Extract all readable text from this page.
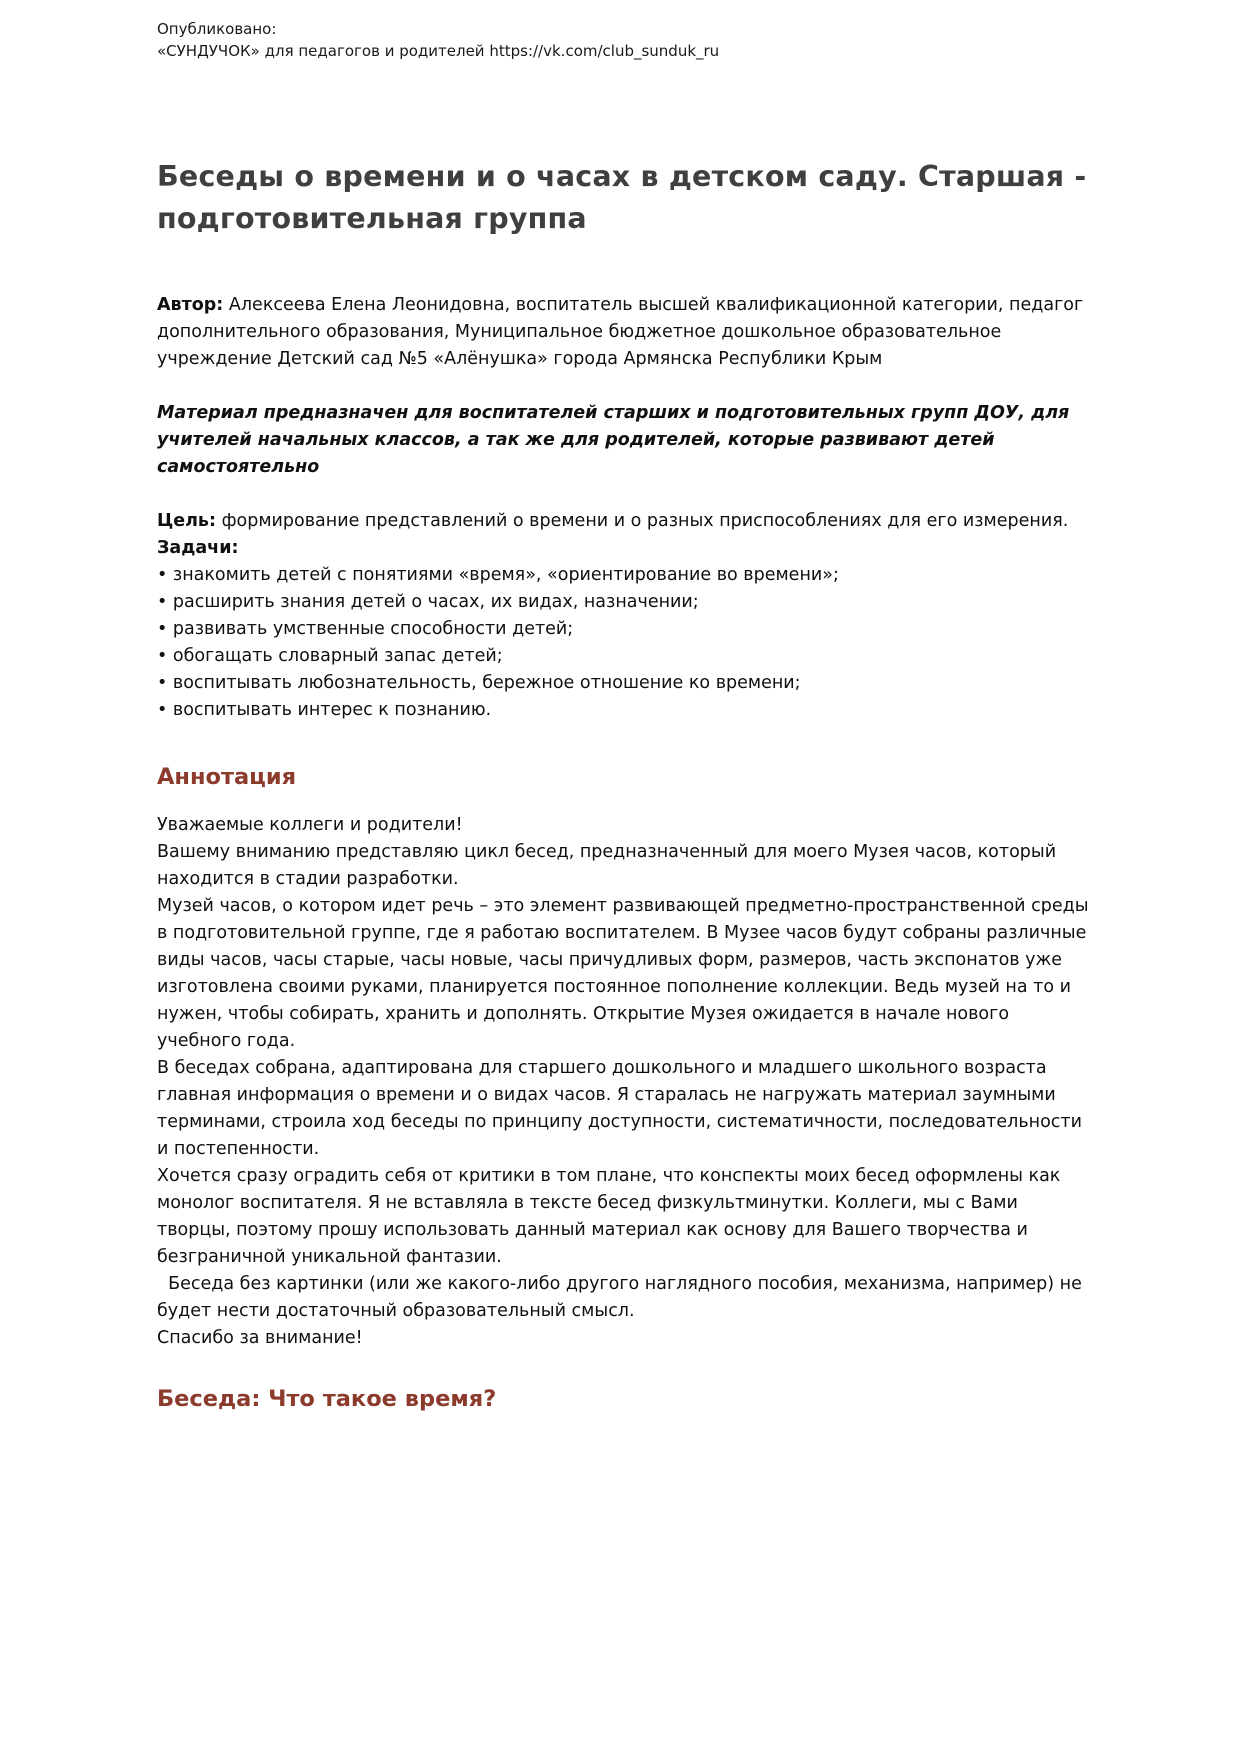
Опубликовано:
«СУНДУЧОК» для педагогов и родителей https://vk.com/club_sunduk_ru
Беседы о времени и о часах в детском саду. Старшая - подготовительная группа

Автор: Алексеева Елена Леонидовна, воспитатель высшей квалификационной категории, педагог дополнительного образования, Муниципальное бюджетное дошкольное образовательное учреждение Детский сад №5 «Алёнушка» города Армянска Республики Крым

Материал предназначен для воспитателей старших и подготовительных групп ДОУ, для учителей начальных классов, а так же для родителей, которые развивают детей самостоятельно

Цель: формирование представлений о времени и о разных приспособлениях для его измерения.

Задачи:

• знакомить детей с понятиями «время», «ориентирование во времени»;
• расширить знания детей о часах, их видах, назначении;
• развивать умственные способности детей;
• обогащать словарный запас детей;
• воспитывать любознательность, бережное отношение ко времени;
• воспитывать интерес к познанию.
Аннотация

Уважаемые коллеги и родители!

Вашему вниманию представляю цикл бесед, предназначенный для моего Музея часов, который находится в стадии разработки.

Музей часов, о котором идет речь – это элемент развивающей предметно-пространственной среды в подготовительной группе, где я работаю воспитателем. В Музее часов будут собраны различные виды часов, часы старые, часы новые, часы причудливых форм, размеров, часть экспонатов уже изготовлена своими руками, планируется постоянное пополнение коллекции. Ведь музей на то и нужен, чтобы собирать, хранить и дополнять. Открытие Музея ожидается в начале нового учебного года.

В беседах собрана, адаптирована для старшего дошкольного и младшего школьного возраста главная информация о времени и о видах часов. Я старалась не нагружать материал заумными терминами, строила ход беседы по принципу доступности, систематичности, последовательности и постепенности.

Хочется сразу оградить себя от критики в том плане, что конспекты моих бесед оформлены как монолог воспитателя. Я не вставляла в тексте бесед физкультминутки. Коллеги, мы с Вами творцы, поэтому прошу использовать данный материал как основу для Вашего творчества и безграничной уникальной фантазии.

Беседа без картинки (или же какого-либо другого наглядного пособия, механизма, например) не будет нести достаточный образовательный смысл.

Спасибо за внимание!

Беседа: Что такое время?
